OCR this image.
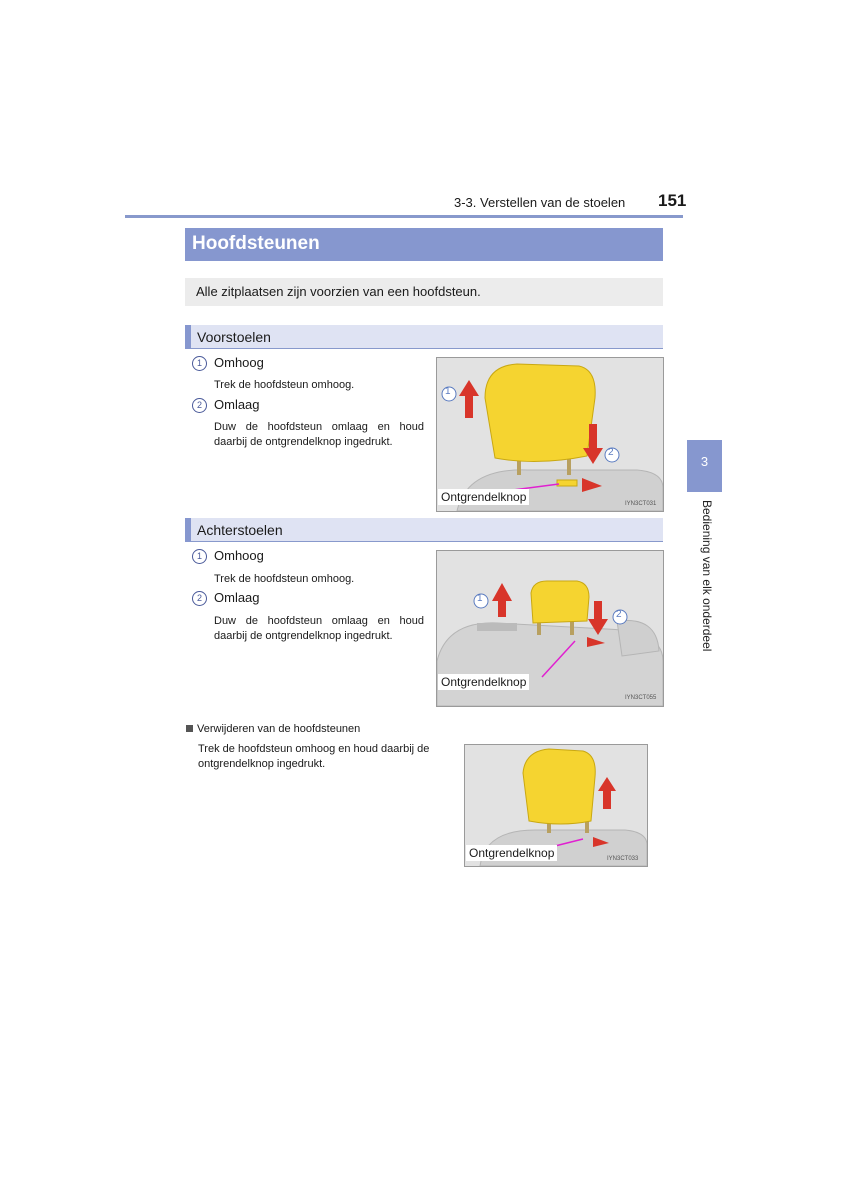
3-3. Verstellen van de stoelen 151
Hoofdsteunen
Alle zitplaatsen zijn voorzien van een hoofdsteun.
Voorstoelen
1 Omhoog
Trek de hoofdsteun omhoog.
2 Omlaag
Duw de hoofdsteun omlaag en houd daarbij de ontgrendelknop ingedrukt.
1
2
Ontgrendelknop	IYN3CT031
Achterstoelen
1 Omhoog
Trek de hoofdsteun omhoog.
2 Omlaag
Duw de hoofdsteun omlaag en houd daarbij de ontgrendelknop ingedrukt.
1
2
Ontgrendelknop
IYN3CT055
Verwijderen van de hoofdsteunen
Trek de hoofdsteun omhoog en houd daarbij de ontgrendelknop ingedrukt.
Ontgrendelknop	IYN3CT033
3
Bediening van elk onderdeel
